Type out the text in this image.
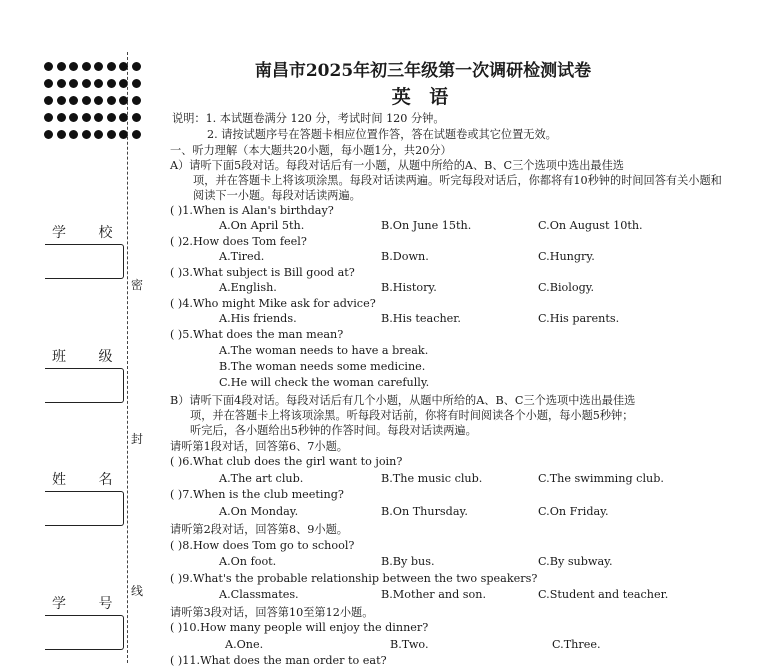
学 校
班 级
姓 名
学 号
密
封
线
南昌市2025年初三年级第一次调研检测试卷
英 语
说明：1. 本试题卷满分 120 分，考试时间 120 分钟。
2. 请按试题序号在答题卡相应位置作答，答在试题卷或其它位置无效。
一、听力理解（本大题共20小题，每小题1分，共20分）
A）请听下面5段对话。每段对话后有一小题，从题中所给的A、B、C三个选项中选出最佳选
项，并在答题卡上将该项涂黑。每段对话读两遍。听完每段对话后，你都将有10秒钟的时间回答有关小题和
阅读下一小题。每段对话读两遍。
( )1.When is Alan's birthday?
A.On April 5th.	B.On June 15th.	C.On August 10th.
( )2.How does Tom feel?
A.Tired.	B.Down.	C.Hungry.
( )3.What subject is Bill good at?
A.English.	B.History.	C.Biology.
( )4.Who might Mike ask for advice?
A.His friends.	B.His teacher.	C.His parents.
( )5.What does the man mean?
A.The woman needs to have a break.
B.The woman needs some medicine.
C.He will check the woman carefully.
B）请听下面4段对话。每段对话后有几个小题，从题中所给的A、B、C三个选项中选出最佳选
项，并在答题卡上将该项涂黑。听每段对话前，你将有时间阅读各个小题，每小题5秒钟；
听完后，各小题给出5秒钟的作答时间。每段对话读两遍。
请听第1段对话，回答第6、7小题。
( )6.What club does the girl want to join?
A.The art club.	B.The music club.	C.The swimming club.
( )7.When is the club meeting?
A.On Monday.	B.On Thursday.	C.On Friday.
请听第2段对话，回答第8、9小题。
( )8.How does Tom go to school?
A.On foot.	B.By bus.	C.By subway.
( )9.What's the probable relationship between the two speakers?
A.Classmates.	B.Mother and son.	C.Student and teacher.
请听第3段对话，回答第10至第12小题。
( )10.How many people will enjoy the dinner?
A.One.	B.Two.	C.Three.
( )11.What does the man order to eat?
